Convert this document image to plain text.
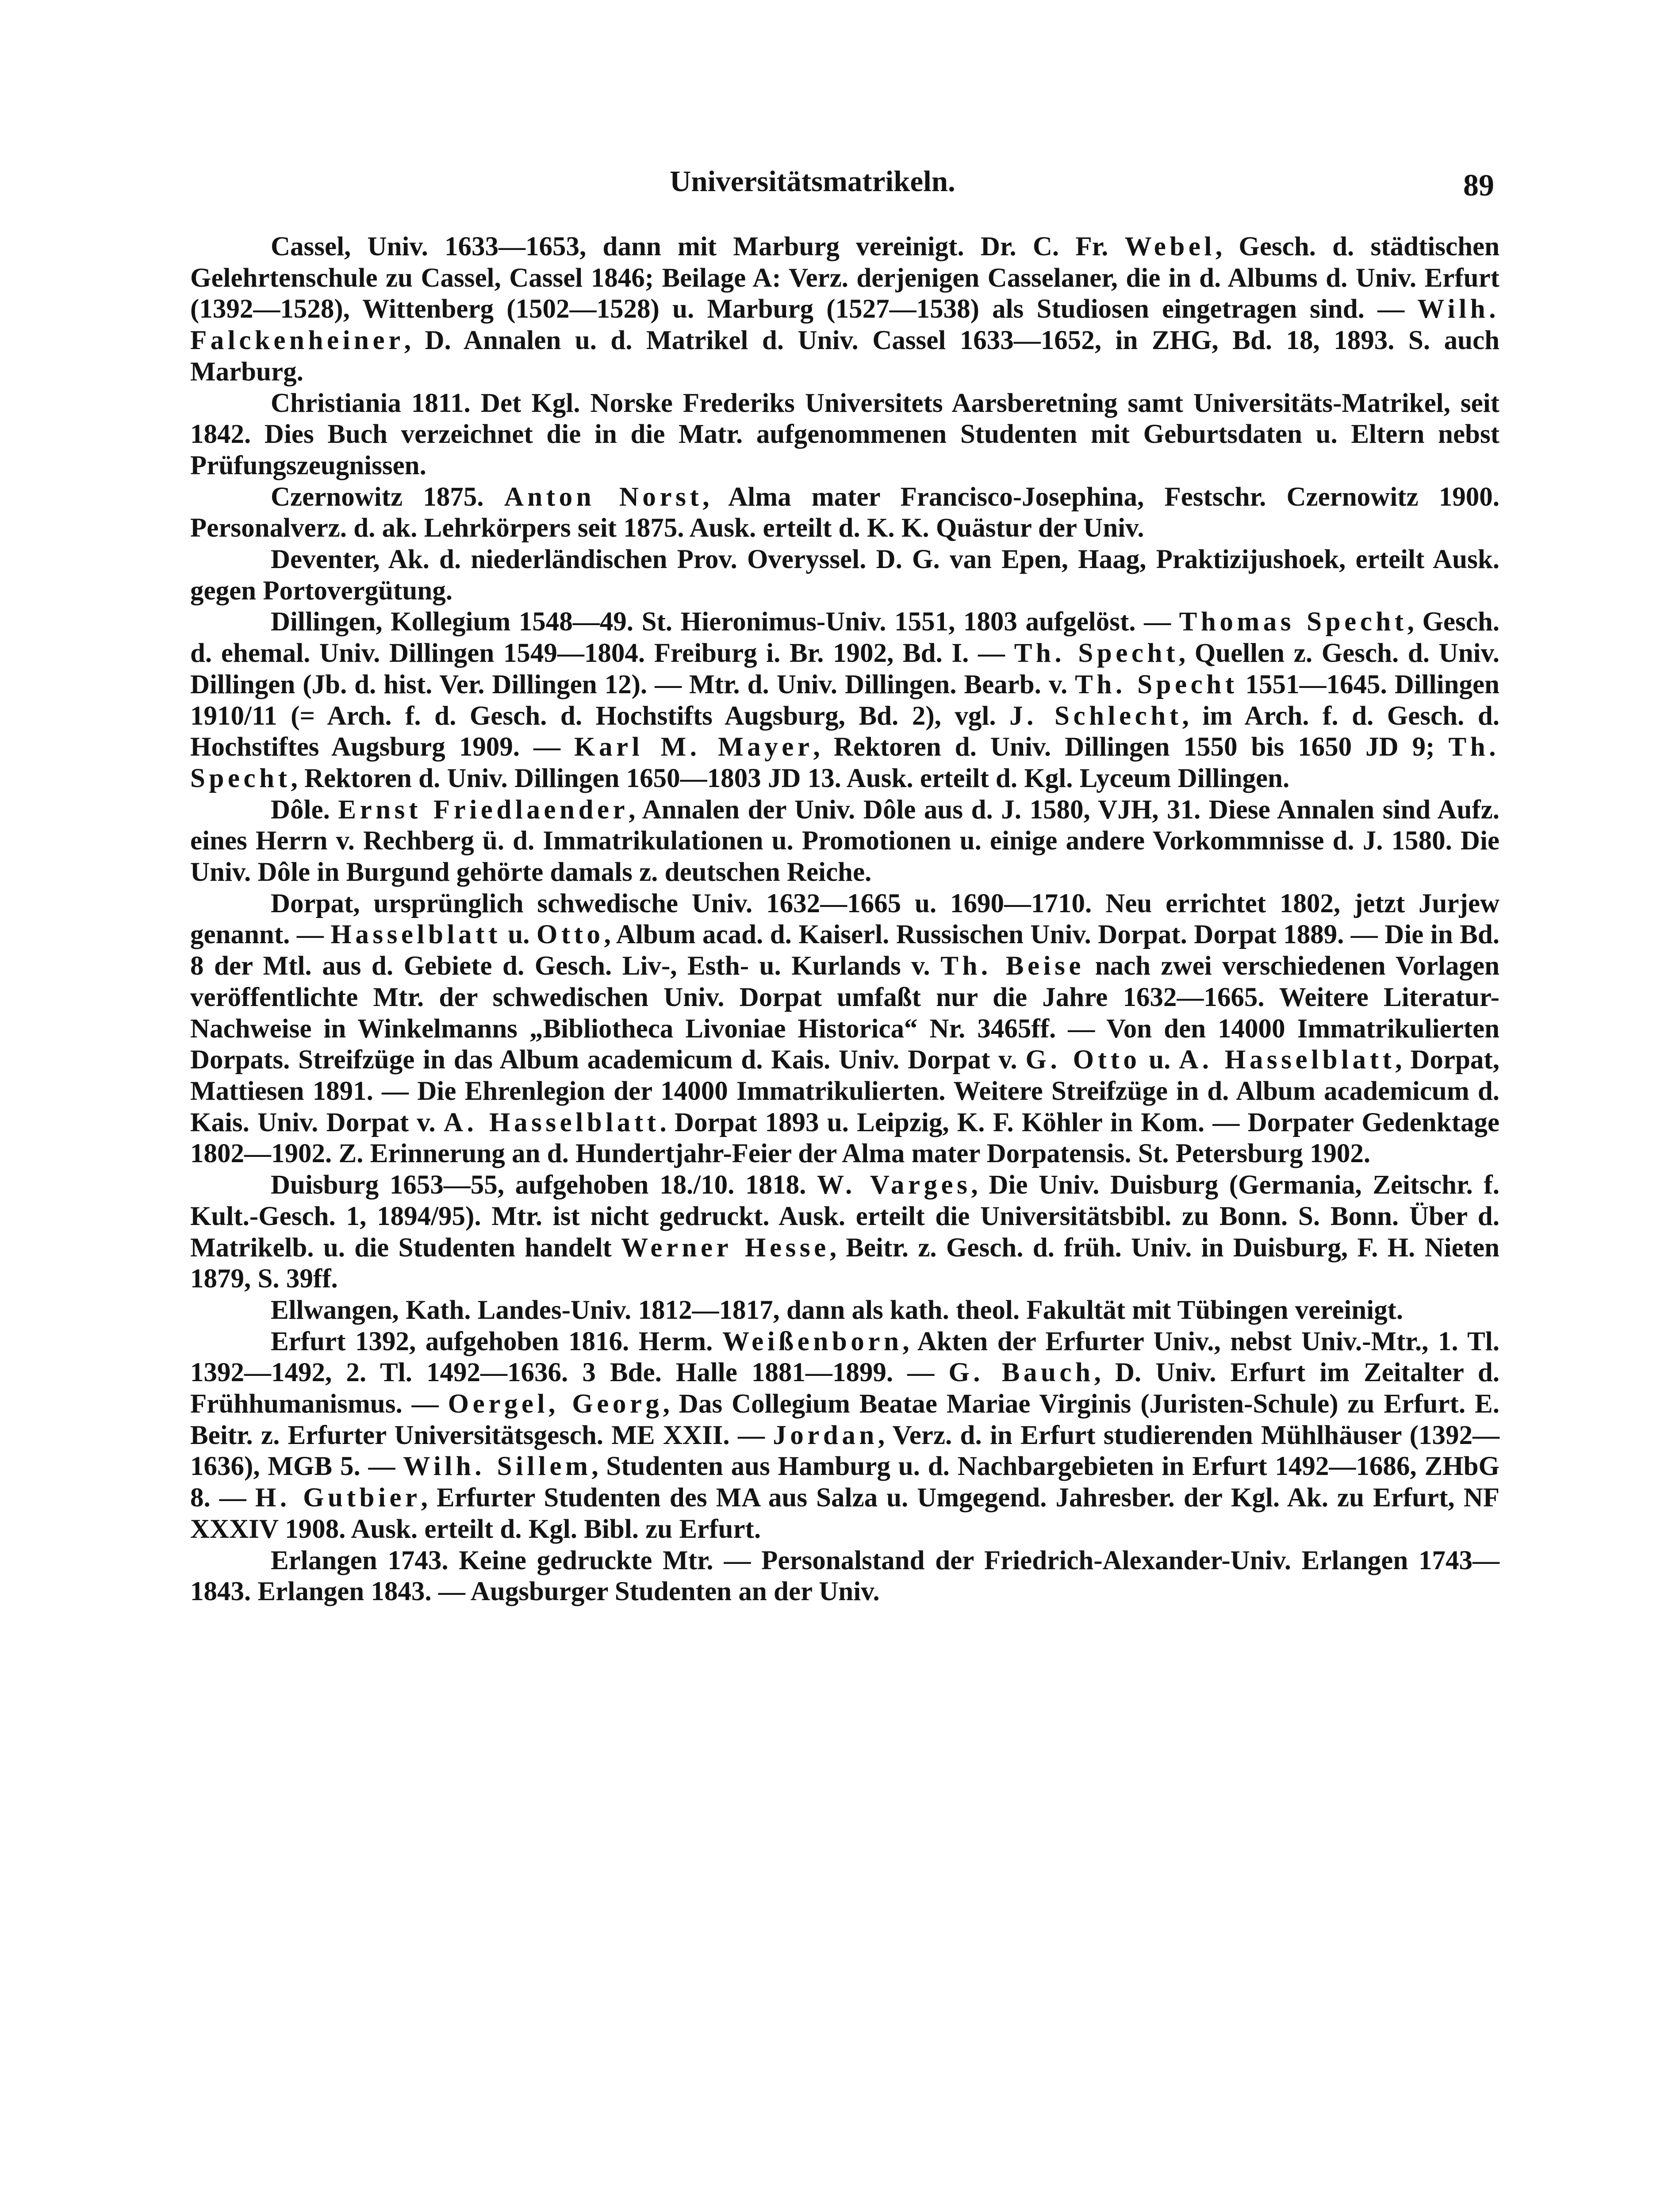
Universitätsmatrikeln.	89

Cassel, Univ. 1633—1653, dann mit Marburg vereinigt. Dr. C. Fr. Webel, Gesch. d. städtischen Gelehrtenschule zu Cassel, Cassel 1846; Beilage A: Verz. derjenigen Casselaner, die in d. Albums d. Univ. Erfurt (1392—1528), Wittenberg (1502—1528) u. Marburg (1527—1538) als Studiosen eingetragen sind. — Wilh. Falckenheiner, D. Annalen u. d. Matrikel d. Univ. Cassel 1633—1652, in ZHG, Bd. 18, 1893. S. auch Marburg.

Christiania 1811. Det Kgl. Norske Frederiks Universitets Aarsberetning samt Universitäts-Matrikel, seit 1842. Dies Buch verzeichnet die in die Matr. aufgenommenen Studenten mit Geburtsdaten u. Eltern nebst Prüfungszeugnissen.

Czernowitz 1875. Anton Norst, Alma mater Francisco-Josephina, Festschr. Czernowitz 1900. Personalverz. d. ak. Lehrkörpers seit 1875. Ausk. erteilt d. K. K. Quästur der Univ.

Deventer, Ak. d. niederländischen Prov. Overyssel. D. G. van Epen, Haag, Praktizijushoek, erteilt Ausk. gegen Portovergütung.

Dillingen, Kollegium 1548—49. St. Hieronimus-Univ. 1551, 1803 aufgelöst. — Thomas Specht, Gesch. d. ehemal. Univ. Dillingen 1549—1804. Freiburg i. Br. 1902, Bd. I. — Th. Specht, Quellen z. Gesch. d. Univ. Dillingen (Jb. d. hist. Ver. Dillingen 12). — Mtr. d. Univ. Dillingen. Bearb. v. Th. Specht 1551—1645. Dillingen 1910/11 (= Arch. f. d. Gesch. d. Hochstifts Augsburg, Bd. 2), vgl. J. Schlecht, im Arch. f. d. Gesch. d. Hochstiftes Augsburg 1909. — Karl M. Mayer, Rektoren d. Univ. Dillingen 1550 bis 1650 JD 9; Th. Specht, Rektoren d. Univ. Dillingen 1650—1803 JD 13. Ausk. erteilt d. Kgl. Lyceum Dillingen.

Dôle. Ernst Friedlaender, Annalen der Univ. Dôle aus d. J. 1580, VJH, 31. Diese Annalen sind Aufz. eines Herrn v. Rechberg ü. d. Immatrikulationen u. Promotionen u. einige andere Vorkommnisse d. J. 1580. Die Univ. Dôle in Burgund gehörte damals z. deutschen Reiche.

Dorpat, ursprünglich schwedische Univ. 1632—1665 u. 1690—1710. Neu errichtet 1802, jetzt Jurjew genannt. — Hasselblatt u. Otto, Album acad. d. Kaiserl. Russischen Univ. Dorpat. Dorpat 1889. — Die in Bd. 8 der Mtl. aus d. Gebiete d. Gesch. Liv-, Esth- u. Kurlands v. Th. Beise nach zwei verschiedenen Vorlagen veröffentlichte Mtr. der schwedischen Univ. Dorpat umfaßt nur die Jahre 1632—1665. Weitere Literatur-Nachweise in Winkelmanns „Bibliotheca Livoniae Historica“ Nr. 3465ff. — Von den 14000 Immatrikulierten Dorpats. Streifzüge in das Album academicum d. Kais. Univ. Dorpat v. G. Otto u. A. Hasselblatt, Dorpat, Mattiesen 1891. — Die Ehrenlegion der 14000 Immatrikulierten. Weitere Streifzüge in d. Album academicum d. Kais. Univ. Dorpat v. A. Hasselblatt. Dorpat 1893 u. Leipzig, K. F. Köhler in Kom. — Dorpater Gedenktage 1802—1902. Z. Erinnerung an d. Hundertjahr-Feier der Alma mater Dorpatensis. St. Petersburg 1902.

Duisburg 1653—55, aufgehoben 18./10. 1818. W. Varges, Die Univ. Duisburg (Germania, Zeitschr. f. Kult.-Gesch. 1, 1894/95). Mtr. ist nicht gedruckt. Ausk. erteilt die Universitätsbibl. zu Bonn. S. Bonn. Über d. Matrikelb. u. die Studenten handelt Werner Hesse, Beitr. z. Gesch. d. früh. Univ. in Duisburg, F. H. Nieten 1879, S. 39ff.

Ellwangen, Kath. Landes-Univ. 1812—1817, dann als kath. theol. Fakultät mit Tübingen vereinigt.

Erfurt 1392, aufgehoben 1816. Herm. Weißenborn, Akten der Erfurter Univ., nebst Univ.-Mtr., 1. Tl. 1392—1492, 2. Tl. 1492—1636. 3 Bde. Halle 1881—1899. — G. Bauch, D. Univ. Erfurt im Zeitalter d. Frühhumanismus. — Oergel, Georg, Das Collegium Beatae Mariae Virginis (Juristen-Schule) zu Erfurt. E. Beitr. z. Erfurter Universitätsgesch. ME XXII. — Jordan, Verz. d. in Erfurt studierenden Mühlhäuser (1392—1636), MGB 5. — Wilh. Sillem, Studenten aus Hamburg u. d. Nachbargebieten in Erfurt 1492—1686, ZHbG 8. — H. Gutbier, Erfurter Studenten des MA aus Salza u. Umgegend. Jahresber. der Kgl. Ak. zu Erfurt, NF XXXIV 1908. Ausk. erteilt d. Kgl. Bibl. zu Erfurt.

Erlangen 1743. Keine gedruckte Mtr. — Personalstand der Friedrich-Alexander-Univ. Erlangen 1743—1843. Erlangen 1843. — Augsburger Studenten an der Univ.
